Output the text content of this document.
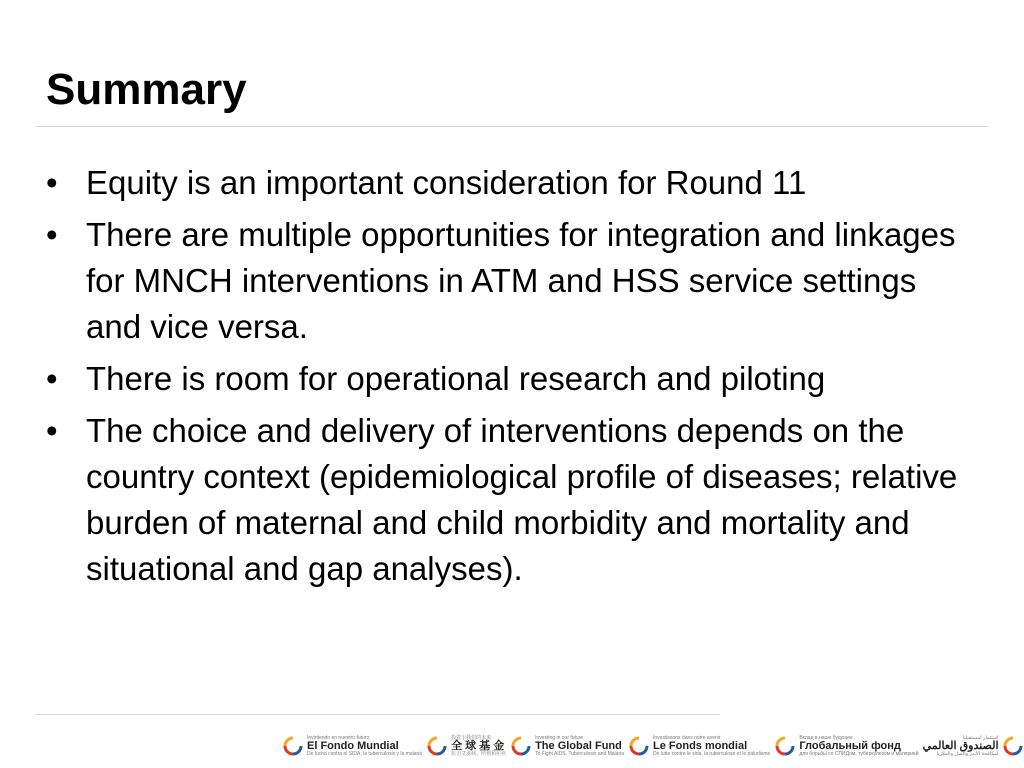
Summary
• Equity is an important consideration for Round 11
• There are multiple opportunities for integration and linkages for MNCH interventions in ATM and HSS service settings and vice versa.
• There is room for operational research and piloting
• The choice and delivery of interventions depends on the country context (epidemiological profile of diseases; relative burden of maternal and child morbidity and mortality and situational and gap analyses).
Invirtiendo en nuestro futuro
El Fondo Mundial
De lucha contra el SIDA, la tuberculosis y la malaria
投资于我们的未来
全 球 基 金
抗击艾滋病、结核和疟疾
Investing in our future
The Global Fund
To Fight AIDS, Tuberculosis and Malaria
Investissons dans notre avenir
Le Fonds mondial
De lutte contre le sida, la tuberculose et le paludisme
Вклад в наше будущее
Глобальный фонд
для борьбы со СПИДом, туберкулезом и малярией
استثمار لمستقبلنا
الصندوق العالمي
لمكافحة الأيدز والسل والملاريا
